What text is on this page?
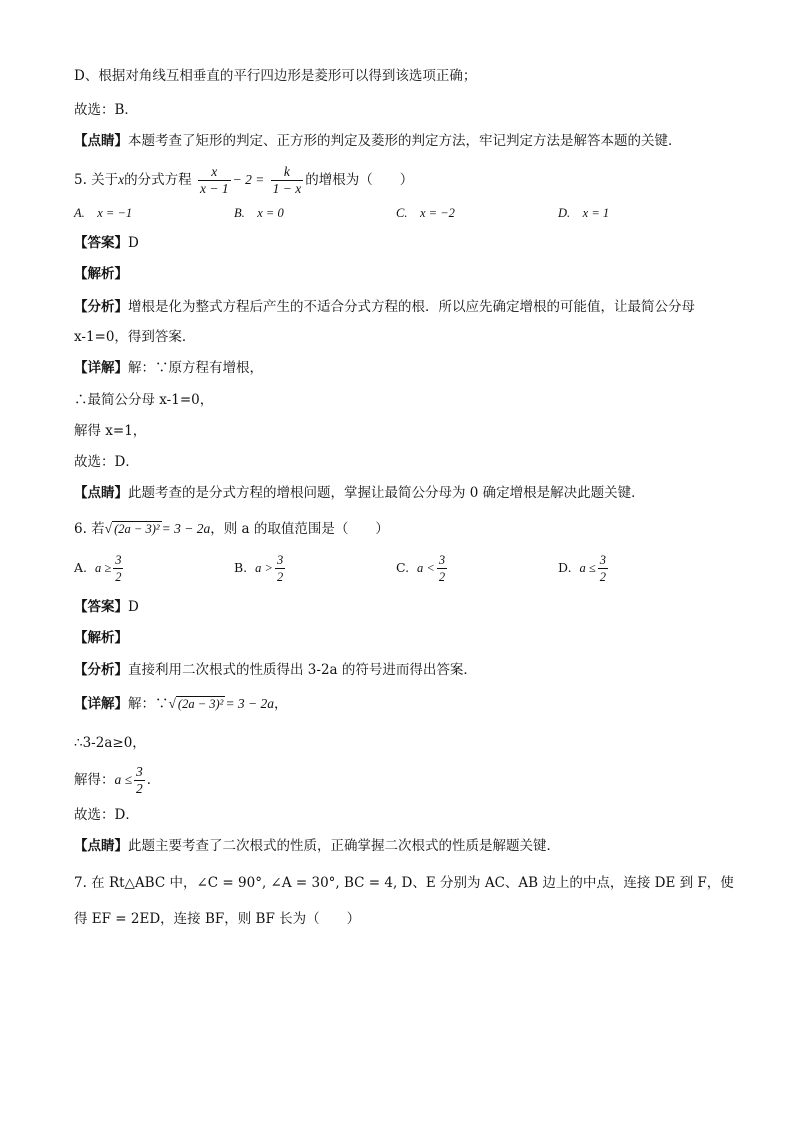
D、根据对角线互相垂直的平行四边形是菱形可以得到该选项正确；
故选：B．
【点睛】本题考查了矩形的判定、正方形的判定及菱形的判定方法，牢记判定方法是解答本题的关键．
5. 关于x的分式方程 $\frac{x}{x - 1} - 2 = \frac{k}{1 - x}$ 的增根为（　　）
A.　x = −1	B.　x = 0	C.　x = −2	D.　x = 1
【答案】D
【解析】
【分析】增根是化为整式方程后产生的不适合分式方程的根．所以应先确定增根的可能值，让最简公分母
x-1=0，得到答案．
【详解】解：∵原方程有增根，
∴最简公分母 x-1=0，
解得 x=1，
故选：D．
【点睛】此题考查的是分式方程的增根问题，掌握让最简公分母为 0 确定增根是解决此题关键．
6. 若√ (2a − 3)² = 3 − 2a，则 a 的取值范围是（　　）
A. $a \ge \frac{3}{2}$	B. $a > \frac{3}{2}$	C. $a < \frac{3}{2}$	D. $a \le \frac{3}{2}$
【答案】D
【解析】
【分析】直接利用二次根式的性质得出 3-2a 的符号进而得出答案．
【详解】解：∵√ (2a − 3)² = 3 − 2a，
∴3-2a≥0，
解得：$a \le \frac{3}{2}$ ．
故选：D．
【点睛】此题主要考查了二次根式的性质，正确掌握二次根式的性质是解题关键．
7. 在 Rt△ABC 中，∠C = 90°, ∠A = 30°, BC = 4, D、E 分别为 AC、AB 边上的中点，连接 DE 到 F，使
得 EF = 2ED，连接 BF，则 BF 长为（　　）
